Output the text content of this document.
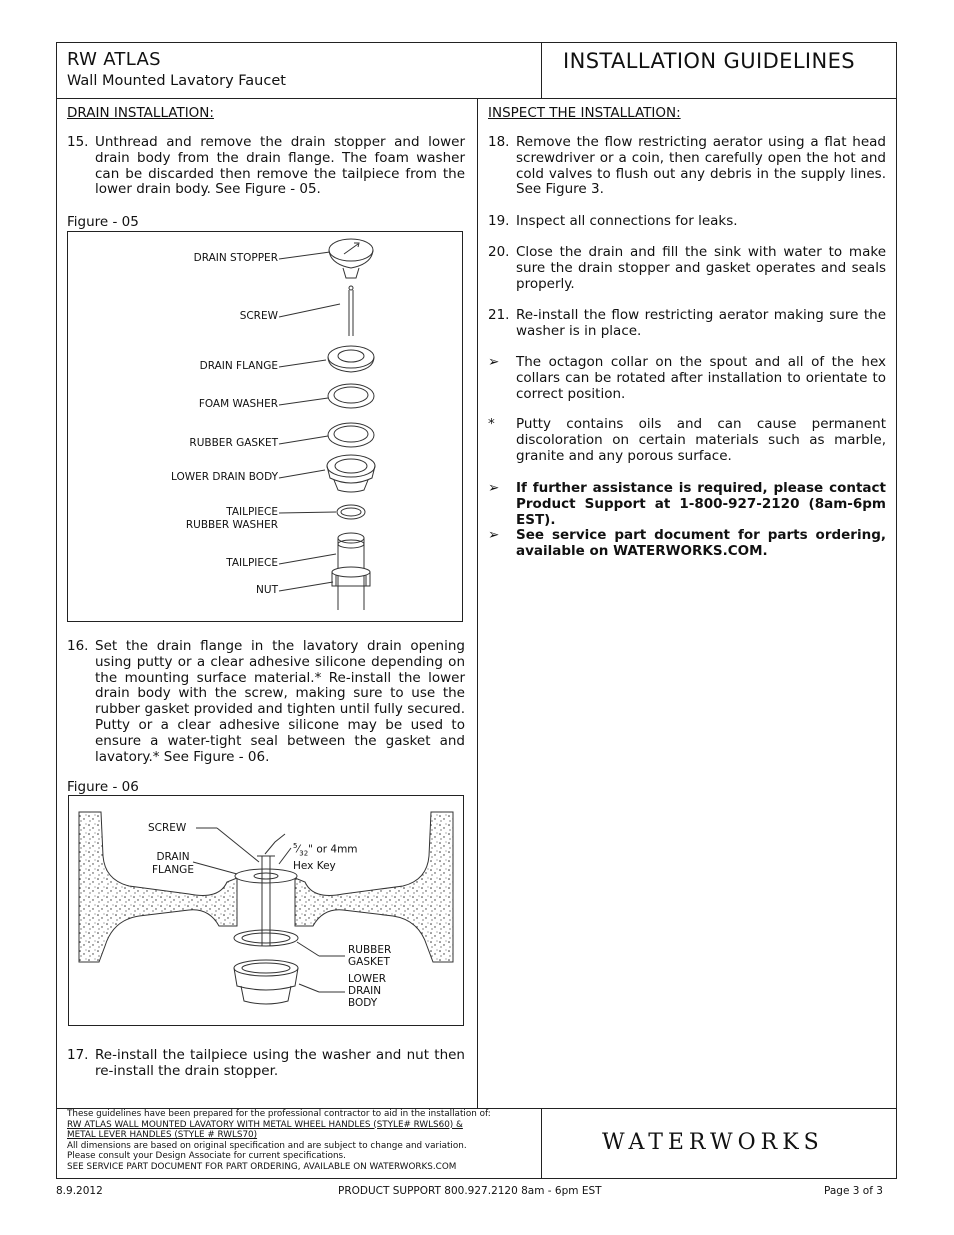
RW ATLAS
Wall Mounted Lavatory Faucet
INSTALLATION GUIDELINES
DRAIN INSTALLATION:
15. Unthread and remove the drain stopper and lower drain body from the drain flange. The foam washer can be discarded then remove the tailpiece from the lower drain body. See Figure - 05.
Figure - 05
DRAIN STOPPER
SCREW
DRAIN FLANGE
FOAM WASHER
RUBBER GASKET
LOWER DRAIN BODY
TAILPIECE
RUBBER WASHER
TAILPIECE
NUT
16. Set the drain flange in the lavatory drain opening using putty or a clear adhesive silicone depending on the mounting surface material.* Re-install the lower drain body with the screw, making sure to use the rubber gasket provided and tighten until fully secured. Putty or a clear adhesive silicone may be used to ensure a water-tight seal between the gasket and lavatory.* See Figure - 06.
Figure - 06
SCREW
DRAIN
FLANGE
$^5⁄_{32}$" or 4mm
Hex Key
RUBBER
GASKET
LOWER
DRAIN
BODY
17. Re-install the tailpiece using the washer and nut then re-install the drain stopper.
INSPECT THE INSTALLATION:
18. Remove the flow restricting aerator using a flat head screwdriver or a coin, then carefully open the hot and cold valves to flush out any debris in the supply lines. See Figure 3.
19. Inspect all connections for leaks.
20. Close the drain and fill the sink with water to make sure the drain stopper and gasket operates and seals properly.
21. Re-install the flow restricting aerator making sure the washer is in place.
➢ The octagon collar on the spout and all of the hex collars can be rotated after installation to orientate to correct position.
* Putty contains oils and can cause permanent discoloration on certain materials such as marble, granite and any porous surface.
➢ If further assistance is required, please contact Product Support at 1-800-927-2120 (8am-6pm EST).
➢ See service part document for parts ordering, available on WATERWORKS.COM.
These guidelines have been prepared for the professional contractor to aid in the installation of:
RW ATLAS WALL MOUNTED LAVATORY WITH METAL WHEEL HANDLES (STYLE# RWLS60) &
METAL LEVER HANDLES (STYLE # RWLS70)
All dimensions are based on original specification and are subject to change and variation.
Please consult your Design Associate for current specifications.
SEE SERVICE PART DOCUMENT FOR PART ORDERING, AVAILABLE ON WATERWORKS.COM
WATERWORKS
8.9.2012	PRODUCT SUPPORT 800.927.2120 8am - 6pm EST	Page 3 of 3
